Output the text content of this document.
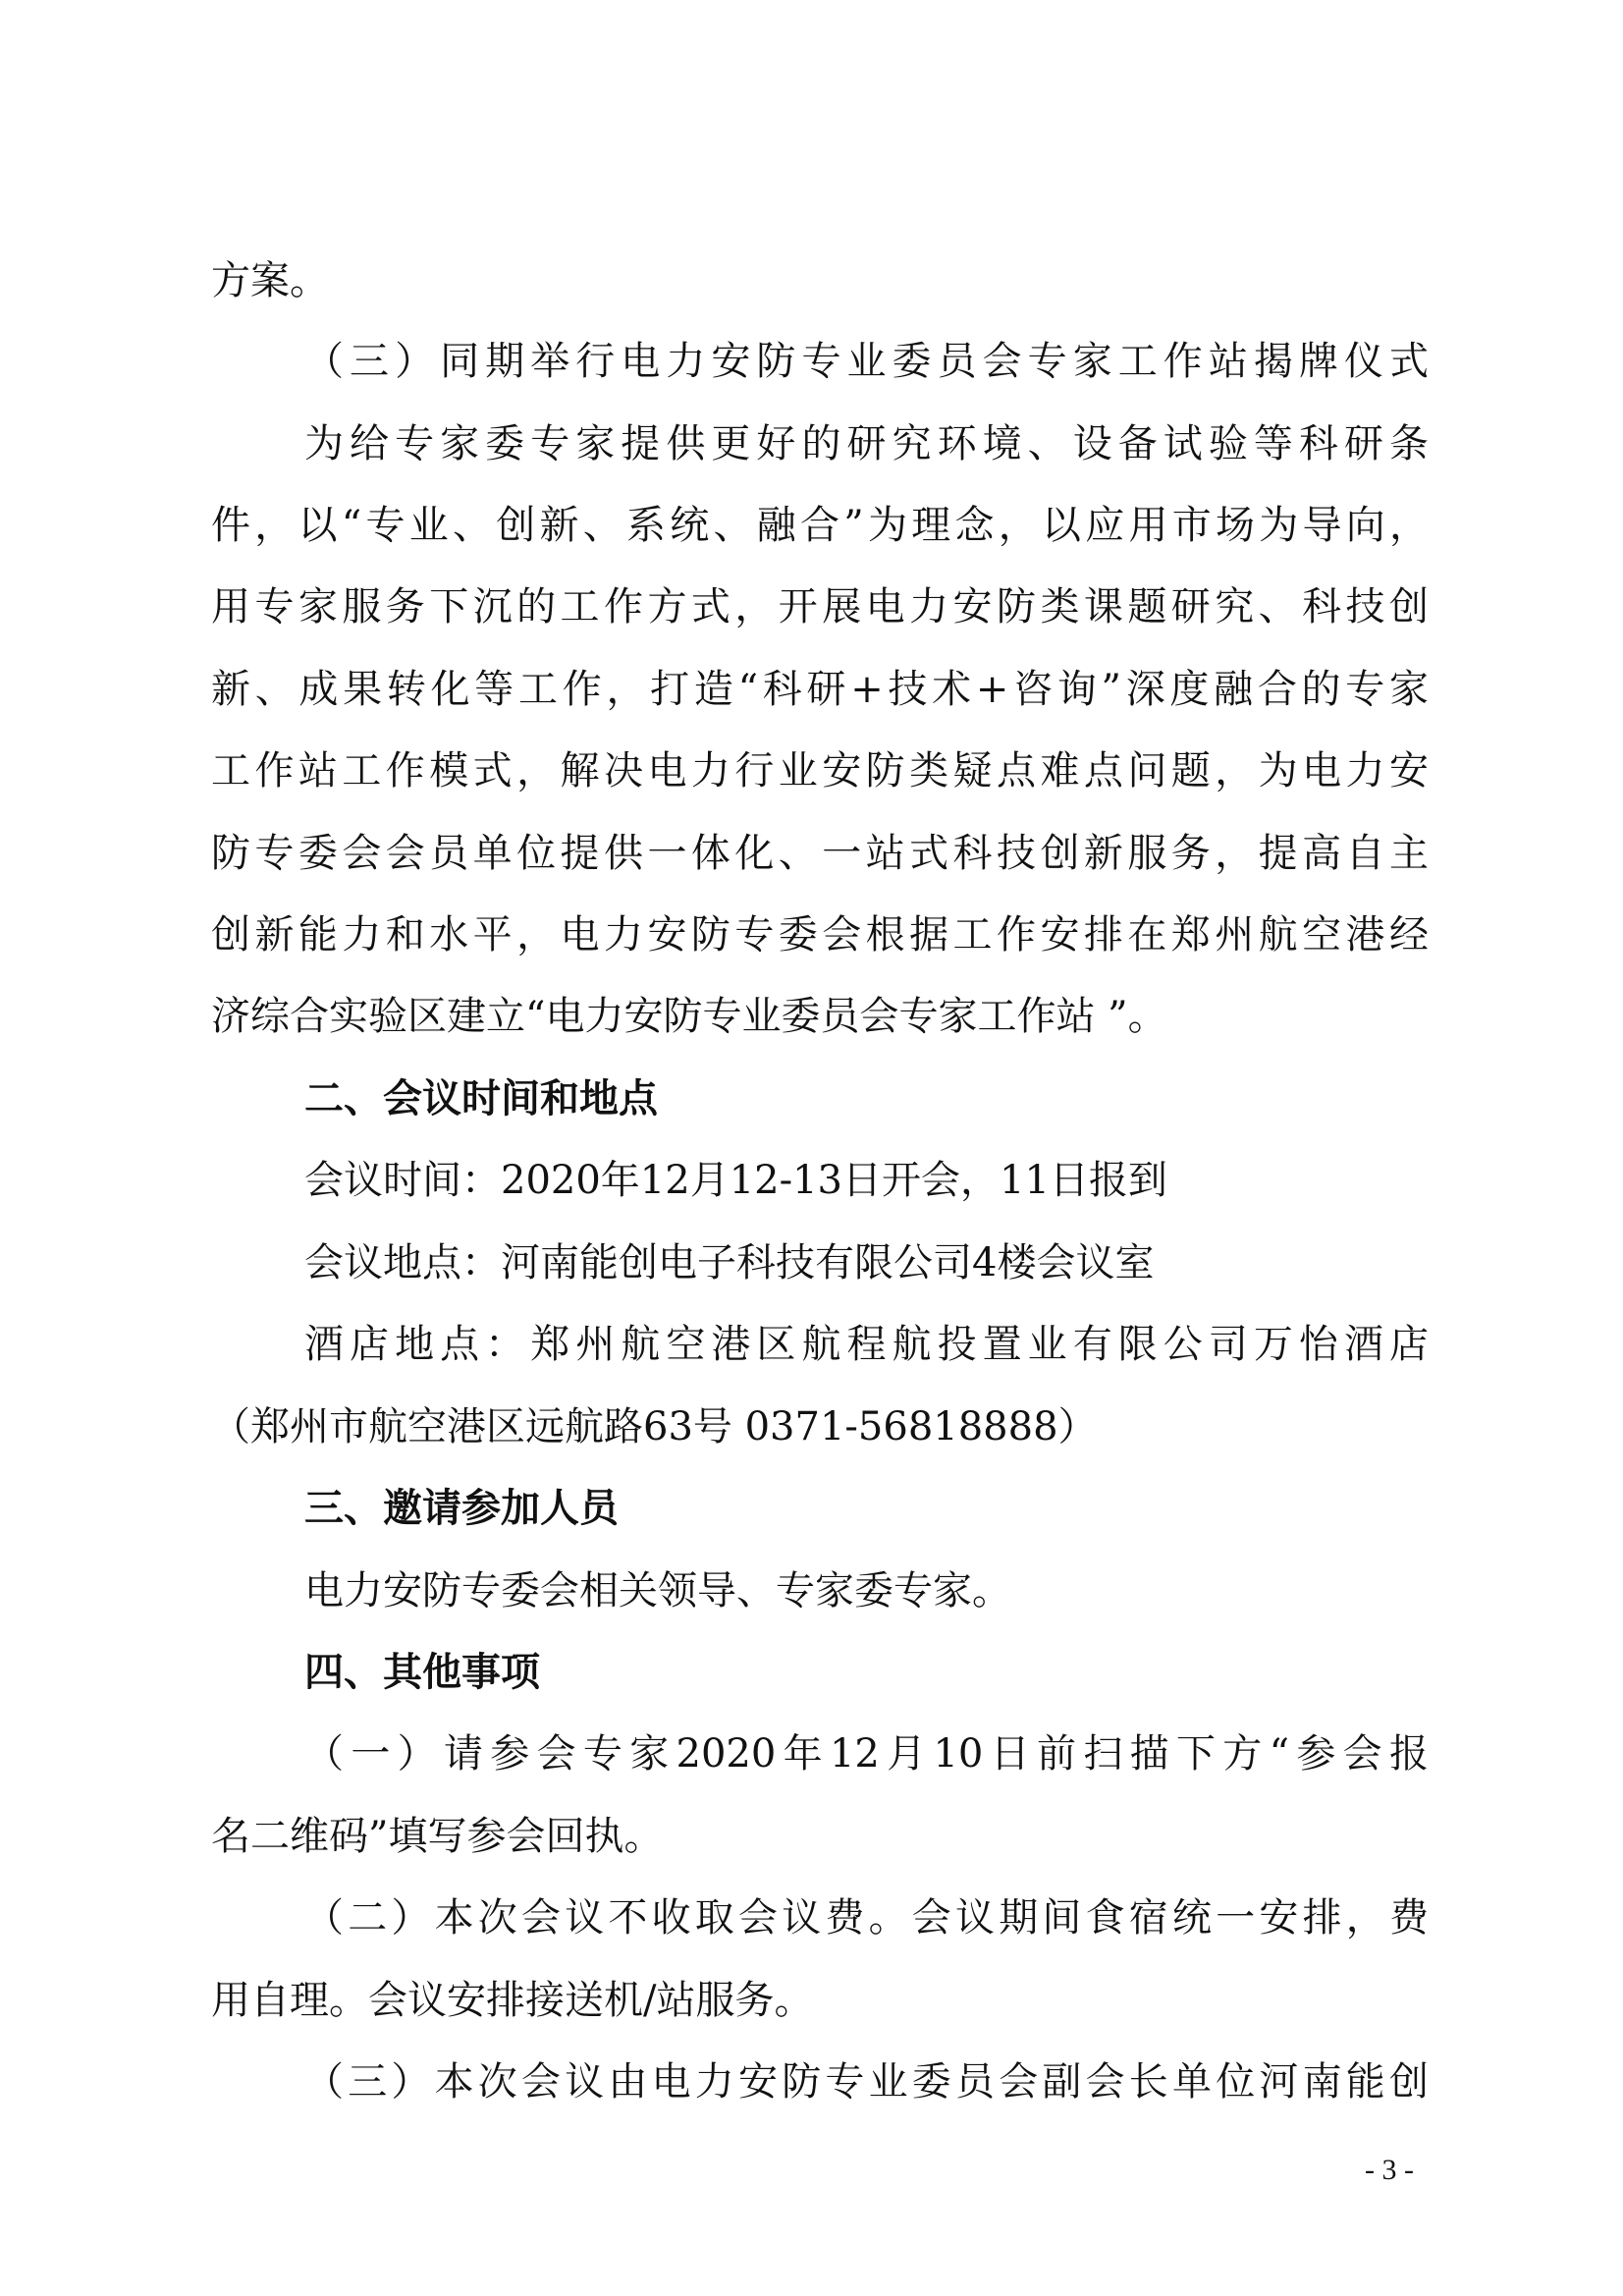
方案。
（三）同期举行电力安防专业委员会专家工作站揭牌仪式
为给专家委专家提供更好的研究环境、设备试验等科研条
件，以“专业、创新、系统、融合”为理念，以应用市场为导向，
用专家服务下沉的工作方式，开展电力安防类课题研究、科技创
新、成果转化等工作，打造“科研+技术+咨询”深度融合的专家
工作站工作模式，解决电力行业安防类疑点难点问题，为电力安
防专委会会员单位提供一体化、一站式科技创新服务，提高自主
创新能力和水平，电力安防专委会根据工作安排在郑州航空港经
济综合实验区建立“电力安防专业委员会专家工作站 ”。
二、会议时间和地点
会议时间：2020年12月12-13日开会，11日报到
会议地点：河南能创电子科技有限公司4楼会议室
酒店地点：郑州航空港区航程航投置业有限公司万怡酒店
（郑州市航空港区远航路63号 0371-56818888）
三、邀请参加人员
电力安防专委会相关领导、专家委专家。
四、其他事项
（一）请参会专家2020年12月10日前扫描下方“参会报
名二维码”填写参会回执。
（二）本次会议不收取会议费。会议期间食宿统一安排，费
用自理。会议安排接送机/站服务。
（三）本次会议由电力安防专业委员会副会长单位河南能创
- 3 -
